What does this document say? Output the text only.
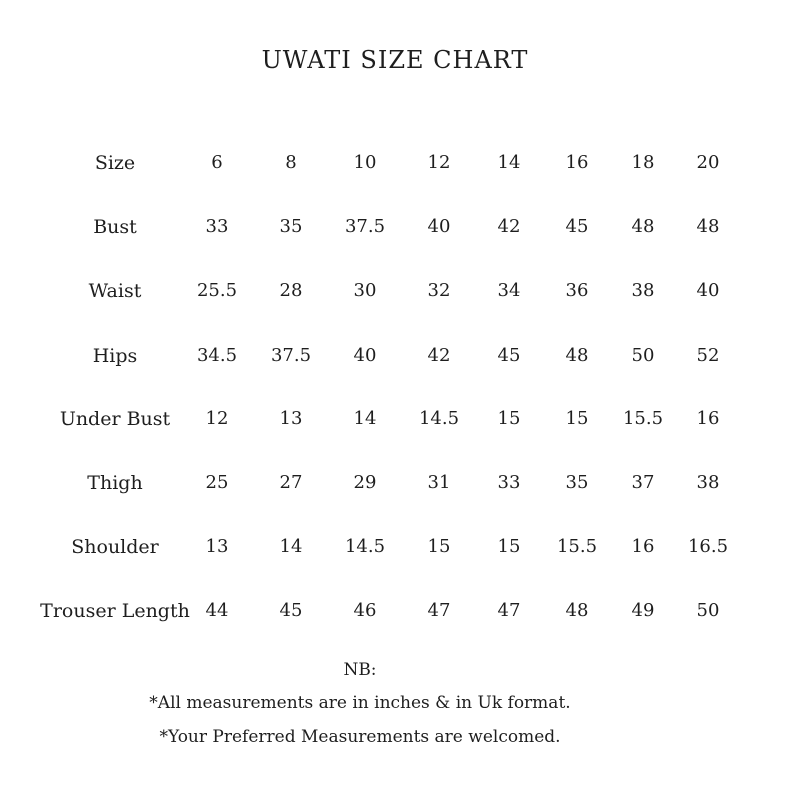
UWATI SIZE CHART
Size	6	8	10	12	14	16	18	20
Bust	33	35	37.5	40	42	45	48	48
Waist	25.5	28	30	32	34	36	38	40
Hips	34.5	37.5	40	42	45	48	50	52
Under Bust	12	13	14	14.5	15	15	15.5	16
Thigh	25	27	29	31	33	35	37	38
Shoulder	13	14	14.5	15	15	15.5	16	16.5
Trouser Length 44	45	46	47	47	48	49	50
NB:
*All measurements are in inches & in Uk format.
*Your Preferred Measurements are welcomed.
